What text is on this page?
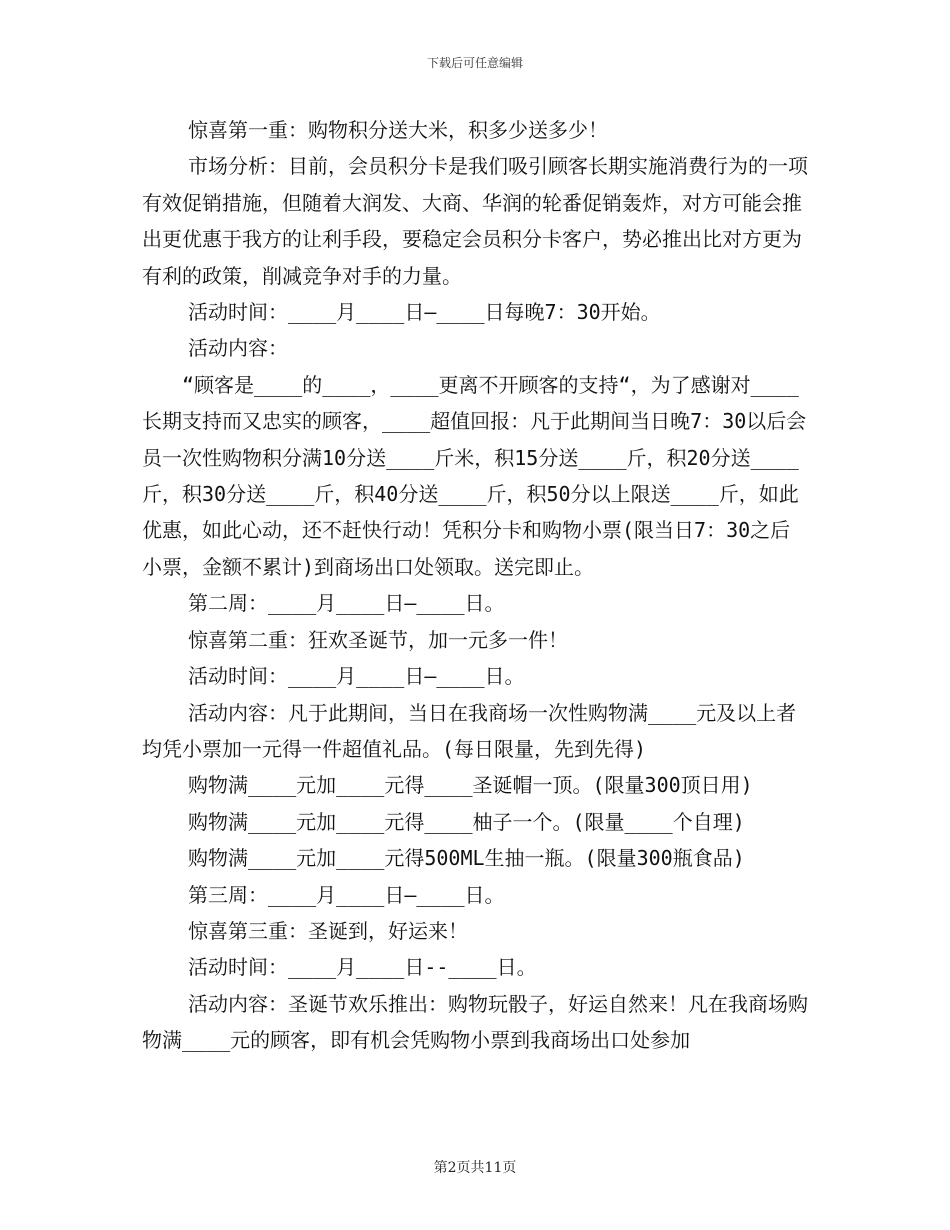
下载后可任意编辑

惊喜第一重：购物积分送大米，积多少送多少！

市场分析：目前，会员积分卡是我们吸引顾客长期实施消费行为的一项有效促销措施，但随着大润发、大商、华润的轮番促销轰炸，对方可能会推出更优惠于我方的让利手段，要稳定会员积分卡客户，势必推出比对方更为有利的政策，削减竞争对手的力量。

活动时间：____月____日—____日每晚7：30开始。

活动内容：

“顾客是____的____，____更离不开顾客的支持“，为了感谢对____长期支持而又忠实的顾客，____超值回报：凡于此期间当日晚7：30以后会员一次性购物积分满10分送____斤米，积15分送____斤，积20分送____斤，积30分送____斤，积40分送____斤，积50分以上限送____斤，如此优惠，如此心动，还不赶快行动！凭积分卡和购物小票(限当日7：30之后小票，金额不累计)到商场出口处领取。送完即止。

第二周：____月____日—____日。

惊喜第二重：狂欢圣诞节，加一元多一件！

活动时间：____月____日—____日。

活动内容：凡于此期间，当日在我商场一次性购物满____元及以上者均凭小票加一元得一件超值礼品。(每日限量，先到先得)

购物满____元加____元得____圣诞帽一顶。(限量300顶日用)

购物满____元加____元得____柚子一个。(限量____个自理)

购物满____元加____元得500ML生抽一瓶。(限量300瓶食品)

第三周：____月____日—____日。

惊喜第三重：圣诞到，好运来！

活动时间：____月____日--____日。

活动内容：圣诞节欢乐推出：购物玩骰子，好运自然来！凡在我商场购物满____元的顾客，即有机会凭购物小票到我商场出口处参加

第2页共11页
